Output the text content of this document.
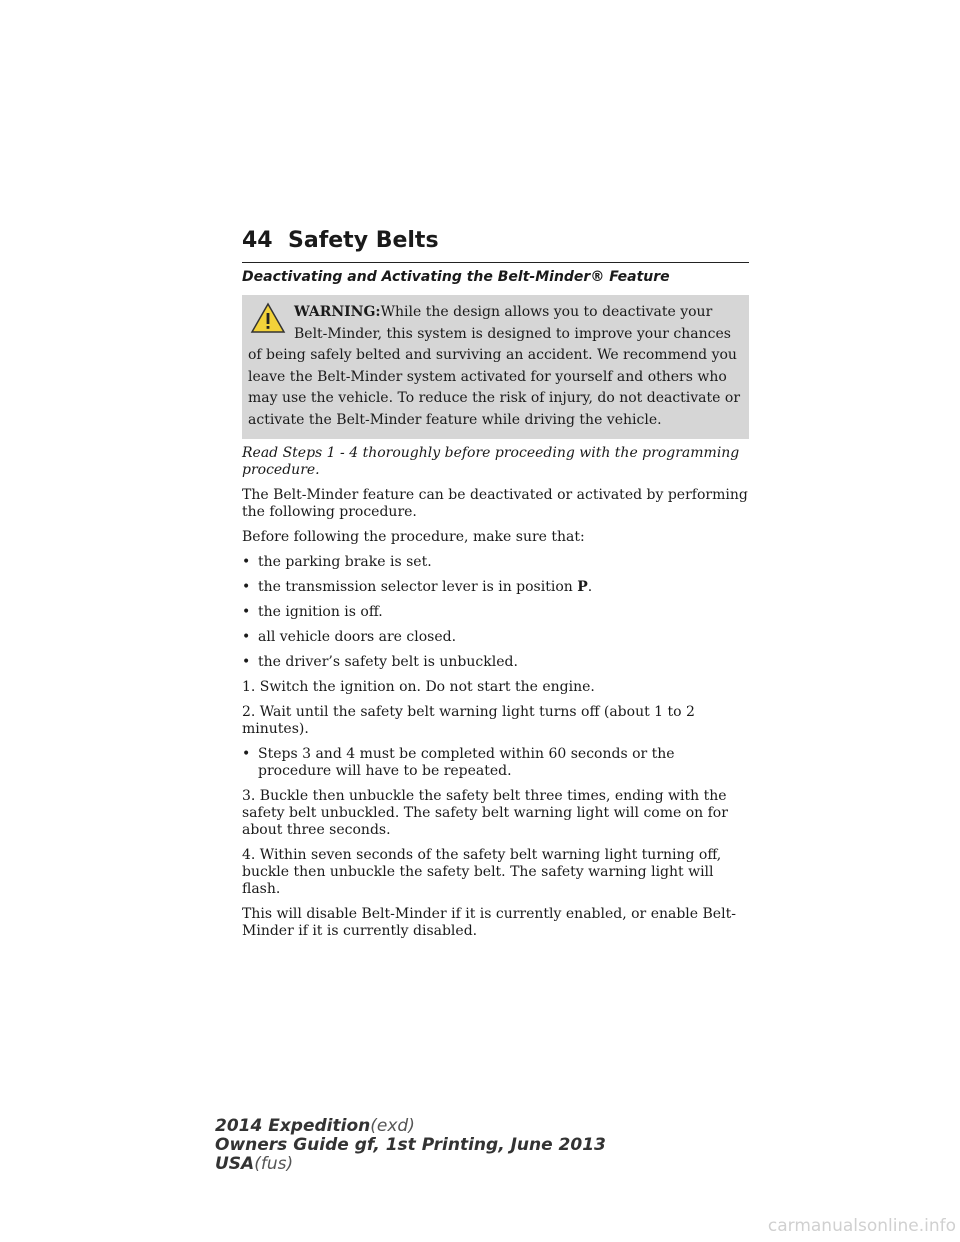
44 Safety Belts
Deactivating and Activating the Belt-Minder® Feature

WARNING:While the design allows you to deactivate your Belt-Minder, this system is designed to improve your chances of being safely belted and surviving an accident. We recommend you leave the Belt-Minder system activated for yourself and others who may use the vehicle. To reduce the risk of injury, do not deactivate or activate the Belt-Minder feature while driving the vehicle.

Read Steps 1 - 4 thoroughly before proceeding with the programming procedure.

The Belt-Minder feature can be deactivated or activated by performing the following procedure.

Before following the procedure, make sure that:

• the parking brake is set.
• the transmission selector lever is in position P.
• the ignition is off.
• all vehicle doors are closed.
• the driver’s safety belt is unbuckled.

1. Switch the ignition on. Do not start the engine.

2. Wait until the safety belt warning light turns off (about 1 to 2 minutes).

• Steps 3 and 4 must be completed within 60 seconds or the procedure will have to be repeated.

3. Buckle then unbuckle the safety belt three times, ending with the safety belt unbuckled. The safety belt warning light will come on for about three seconds.

4. Within seven seconds of the safety belt warning light turning off, buckle then unbuckle the safety belt. The safety warning light will flash.

This will disable Belt-Minder if it is currently enabled, or enable Belt-Minder if it is currently disabled.

2014 Expedition(exd)
Owners Guide gf, 1st Printing, June 2013
USA(fus)
carmanualsonline.info
